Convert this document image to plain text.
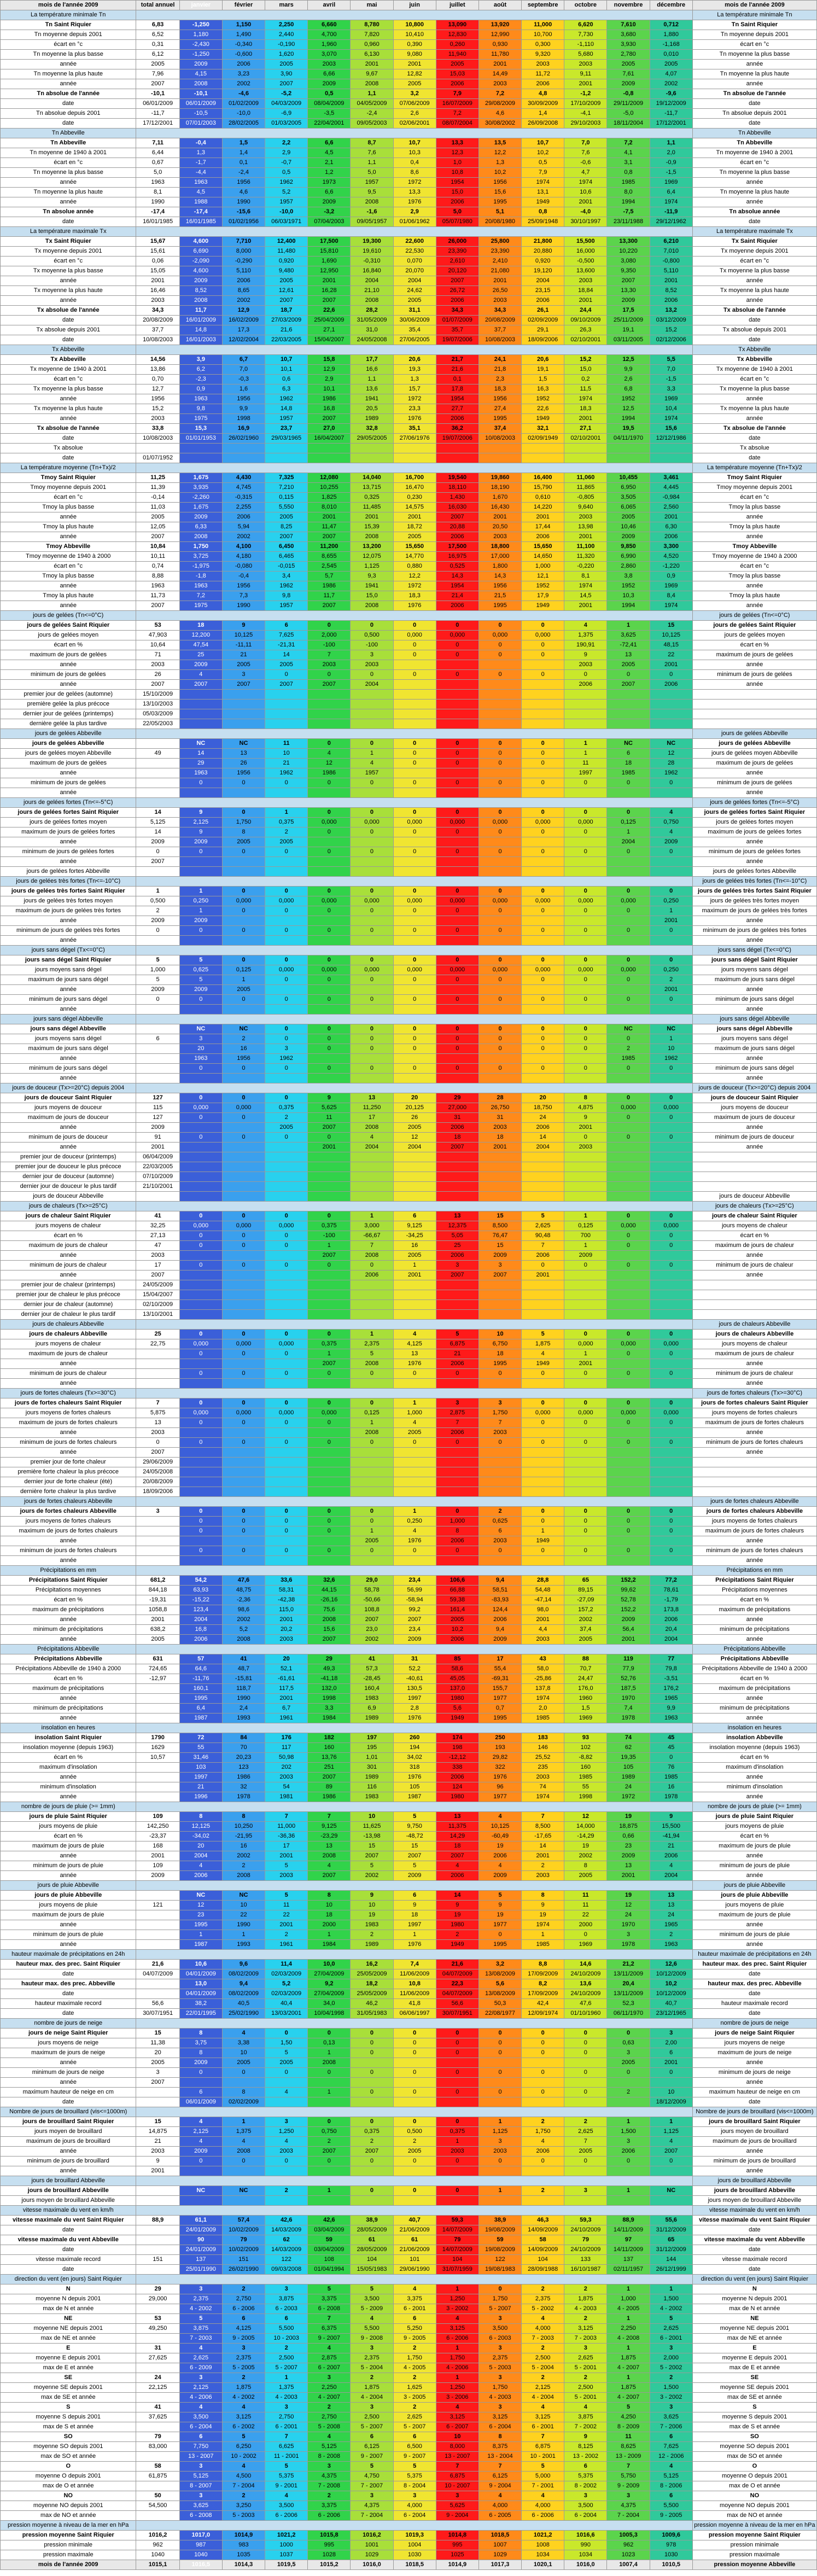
mois de l'année 2009	total annuel	janvier	février	mars	avril	mai	juin	juillet	août	septembre	octobre	novembre	décembre	mois de l'année 2009
La température minimale Tn														La température minimale Tn
Tn Saint Riquier	6,83	-1,250	1,150	2,250	6,660	8,780	10,800	13,090	13,920	11,000	6,620	7,610	0,712	Tn Saint Riquier
Tn moyenne depuis 2001	6,52	1,180	1,490	2,440	4,700	7,820	10,410	12,830	12,990	10,700	7,730	3,680	1,880	Tn moyenne depuis 2001
écart en °c	0,31	-2,430	-0,340	-0,190	1,960	0,960	0,390	0,260	0,930	0,300	-1,110	3,930	-1,168	écart en °c
Tn moyenne la plus basse	6,12	-1,250	-0,600	1,620	3,070	6,130	9,080	11,940	11,780	9,320	5,680	2,780	0,010	Tn moyenne la plus basse
année	2005	2009	2006	2005	2003	2001	2001	2005	2001	2003	2003	2005	2005	année
Tn moyenne la plus haute	7,96	4,15	3,23	3,90	6,66	9,67	12,82	15,03	14,49	11,72	9,11	7,61	4,07	Tn moyenne la plus haute
année	2007	2008	2002	2007	2009	2008	2005	2006	2003	2006	2001	2009	2002	année
Tn absolue de l'année	-10,1	-10,1	-4,6	-5,2	0,5	1,1	3,2	7,9	7,2	4,8	-1,2	-0,8	-9,6	Tn absolue de l'année
date	06/01/2009	06/01/2009	01/02/2009	04/03/2009	08/04/2009	04/05/2009	07/06/2009	16/07/2009	29/08/2009	30/09/2009	17/10/2009	29/11/2009	19/12/2009	date
Tn absolue depuis 2001	-11,7	-10,5	-10,0	-6,9	-3,5	-2,4	2,6	7,2	4,6	1,4	-4,1	-5,0	-11,7	Tn absolue depuis 2001
date	17/12/2001	07/01/2003	28/02/2005	01/03/2005	22/04/2001	09/05/2003	02/06/2001	08/07/2004	30/08/2002	26/09/2008	29/10/2003	18/11/2004	17/12/2001	date
Tn Abbeville														Tn Abbeville
Tn Abbeville	7,11	-0,4	1,5	2,2	6,6	8,7	10,7	13,3	13,5	10,7	7,0	7,2	1,1	Tn Abbeville
Tn moyenne de 1940 à 2001	6,44	1,3	1,4	2,9	4,5	7,6	10,3	12,3	12,2	10,2	7,6	4,1	2,0	Tn moyenne de 1940 à 2001
écart en °c	0,67	-1,7	0,1	-0,7	2,1	1,1	0,4	1,0	1,3	0,5	-0,6	3,1	-0,9	écart en °c
Tn moyenne la plus basse	5,0	-4,4	-2,4	0,5	1,2	5,0	8,6	10,8	10,2	7,9	4,7	0,8	-1,5	Tn moyenne la plus basse
année	1963	1963	1956	1962	1973	1957	1972	1954	1956	1974	1974	1985	1969	année
Tn moyenne la plus haute	8,1	4,5	4,6	5,2	6,6	9,5	13,3	15,0	15,6	13,1	10,6	8,0	6,4	Tn moyenne la plus haute
année	1990	1988	1990	1957	2009	2008	1976	2006	1995	1949	2001	1994	1974	année
Tn absolue année	-17,4	-17,4	-15,6	-10,0	-3,2	-1,6	2,9	5,0	5,1	0,8	-4,0	-7,5	-11,9	Tn absolue année
date	16/01/1985	16/01/1985	01/02/1956	06/03/1971	07/04/2003	09/05/1957	01/06/1962	05/07/1980	20/08/1980	25/09/1948	30/10/1997	23/11/1988	29/12/1962	date
La température maximale Tx														La température maximale Tx
Tx Saint Riquier	15,67	4,600	7,710	12,400	17,500	19,300	22,600	26,000	25,800	21,800	15,500	13,300	6,210	Tx Saint Riquier
Tx moyenne depuis 2001	15,61	6,690	8,000	11,480	15,810	19,610	22,530	23,390	23,390	20,880	16,000	10,220	7,010	Tx moyenne depuis 2001
écart en °c	0,06	-2,090	-0,290	0,920	1,690	-0,310	0,070	2,610	2,410	0,920	-0,500	3,080	-0,800	écart en °c
Tx moyenne la plus basse	15,05	4,600	5,110	9,480	12,950	16,840	20,070	20,120	21,080	19,120	13,600	9,350	5,110	Tx moyenne la plus basse
année	2001	2009	2006	2005	2001	2004	2004	2007	2001	2004	2003	2007	2001	année
Tx moyenne la plus haute	16,46	8,52	8,65	12,61	16,28	21,10	24,62	26,72	26,50	23,15	18,84	13,30	8,52	Tx moyenne la plus haute
année	2003	2008	2002	2007	2007	2008	2005	2006	2003	2006	2001	2009	2006	année
Tx absolue de l'année	34,3	11,7	12,9	18,7	22,6	28,2	31,1	34,3	34,3	26,1	24,4	17,5	13,2	Tx absolue de l'année
date	20/08/2009	16/01/2009	16/02/2009	27/03/2009	25/04/2009	31/05/2009	30/06/2009	01/07/2009	20/08/2009	02/09/2009	09/10/2009	25/11/2009	03/12/2009	date
Tx absolue depuis 2001	37,7	14,8	17,3	21,6	27,1	31,0	35,4	35,7	37,7	29,1	26,3	19,1	15,2	Tx absolue depuis 2001
date	10/08/2003	16/01/2003	12/02/2004	22/03/2005	15/04/2007	24/05/2008	27/06/2005	19/07/2006	10/08/2003	18/09/2006	02/10/2001	03/11/2005	02/12/2006	date
Tx Abbeville														Tx Abbeville
Tx Abbeville	14,56	3,9	6,7	10,7	15,8	17,7	20,6	21,7	24,1	20,6	15,2	12,5	5,5	Tx Abbeville
Tx moyenne de 1940 à 2001	13,86	6,2	7,0	10,1	12,9	16,6	19,3	21,6	21,8	19,1	15,0	9,9	7,0	Tx moyenne de 1940 à 2001
écart en °c	0,70	-2,3	-0,3	0,6	2,9	1,1	1,3	0,1	2,3	1,5	0,2	2,6	-1,5	écart en °c
Tx moyenne la plus basse	12,7	0,9	1,6	6,3	10,1	13,6	15,7	17,8	18,3	16,3	11,5	6,8	3,3	Tx moyenne la plus basse
année	1956	1963	1956	1962	1986	1941	1972	1954	1956	1952	1974	1952	1969	année
Tx moyenne la plus haute	15,2	9,8	9,9	14,8	16,8	20,5	23,3	27,7	27,4	22,6	18,3	12,5	10,4	Tx moyenne la plus haute
année	2003	1975	1998	1957	2007	1989	1976	2006	1995	1949	2001	1994	1974	année
Tx absolue de l'année	33,8	15,3	16,9	23,7	27,0	32,8	35,1	36,2	37,4	32,1	27,1	19,5	15,6	Tx absolue de l'année
date	10/08/2003	01/01/1953	26/02/1960	29/03/1965	16/04/2007	29/05/2005	27/06/1976	19/07/2006	10/08/2003	02/09/1949	02/10/2001	04/11/1970	12/12/1986	date
Tx absolue														Tx absolue
date	01/07/1952													date
La température moyenne (Tn+Tx)/2														La température moyenne (Tn+Tx)/2
Tmoy Saint Riquier	11,25	1,675	4,430	7,325	12,080	14,040	16,700	19,540	19,860	16,400	11,060	10,455	3,461	Tmoy Saint Riquier
Tmoy moyenne depuis 2001	11,39	3,935	4,745	7,210	10,255	13,715	16,470	18,110	18,190	15,790	11,865	6,950	4,445	Tmoy moyenne depuis 2001
écart en °c	-0,14	-2,260	-0,315	0,115	1,825	0,325	0,230	1,430	1,670	0,610	-0,805	3,505	-0,984	écart en °c
Tmoy la plus basse	11,03	1,675	2,255	5,550	8,010	11,485	14,575	16,030	16,430	14,220	9,640	6,065	2,560	Tmoy la plus basse
année	2005	2009	2006	2005	2001	2001	2001	2007	2001	2001	2003	2005	2001	année
Tmoy la plus haute	12,05	6,33	5,94	8,25	11,47	15,39	18,72	20,88	20,50	17,44	13,98	10,46	6,30	Tmoy la plus haute
année	2007	2008	2002	2007	2007	2008	2005	2006	2003	2006	2001	2009	2006	année
Tmoy Abbeville	10,84	1,750	4,100	6,450	11,200	13,200	15,650	17,500	18,800	15,650	11,100	9,850	3,300	Tmoy Abbeville
Tmoy moyenne de 1940 à 2000	10,11	3,725	4,180	6,465	8,655	12,075	14,770	16,975	17,000	14,650	11,320	6,990	4,520	Tmoy moyenne de 1940 à 2000
écart en °c	0,74	-1,975	-0,080	-0,015	2,545	1,125	0,880	0,525	1,800	1,000	-0,220	2,860	-1,220	écart en °c
Tmoy la plus basse	8,88	-1,8	-0,4	3,4	5,7	9,3	12,2	14,3	14,3	12,1	8,1	3,8	0,9	Tmoy la plus basse
année	1963	1963	1956	1962	1986	1941	1972	1954	1956	1952	1974	1952	1969	année
Tmoy la plus haute	11,73	7,2	7,3	9,8	11,7	15,0	18,3	21,4	21,5	17,9	14,5	10,3	8,4	Tmoy la plus haute
année	2007	1975	1990	1957	2007	2008	1976	2006	1995	1949	2001	1994	1974	année
jours de gelées (Tn<=0°C)														jours de gelées (Tn<=0°C)
jours de gelées Saint Riquier	53	18	9	6	0	0	0	0	0	0	4	1	15	jours de gelées Saint Riquier
jours de gelées moyen	47,903	12,200	10,125	7,625	2,000	0,500	0,000	0,000	0,000	0,000	1,375	3,625	10,125	jours de gelées moyen
écart en %	10,64	47,54	-11,11	-21,31	-100	-100	0	0	0	0	190,91	-72,41	48,15	écart en %
maximum de jours de gelées	71	25	21	14	7	3	0	0	0	0	9	13	22	maximum de jours de gelées
année	2003	2009	2005	2005	2003	2003					2003	2005	2001	année
minimum de jours de gelées	26	4	3	0	0	0	0	0	0	0	0	0	0	minimum de jours de gelées
année	2007	2007	2007	2007	2007	2004					2006	2007	2006	année
premier jour de gelées (automne)	15/10/2009													
première gelée la plus précoce	13/10/2003													
dernier jour de gelées (printemps)	05/03/2009													
dernière gelée la plus tardive	22/05/2003													
jours de gelées Abbeville														jours de gelées Abbeville
jours de gelées Abbeville		NC	NC	11	0	0	0	0	0	0	1	NC	NC	jours de gelées Abbeville
jours de gelées moyen Abbeville	49	14	13	10	4	1	0	0	0	0	1	6	12	jours de gelées moyen Abbeville
maximum de jours de gelées		29	26	21	12	4	0	0	0	0	11	18	28	maximum de jours de gelées
année		1963	1956	1962	1986	1957					1997	1985	1962	année
minimum de jours de gelées		0	0	0	0	0	0	0	0	0	0	0	0	minimum de jours de gelées
année														année
jours de gelées fortes (Tn<=-5°C)														jours de gelées fortes (Tn<=-5°C)
jours de gelées fortes Saint Riquier	14	9	0	1	0	0	0	0	0	0	0	0	4	jours de gelées fortes Saint Riquier
jours de gelées fortes moyen	5,125	2,125	1,750	0,375	0,000	0,000	0,000	0,000	0,000	0,000	0,000	0,125	0,750	jours de gelées fortes moyen
maximum de jours de gelées fortes	14	9	8	2	0	0	0	0	0	0	0	1	4	maximum de jours de gelées fortes
année	2009	2009	2005	2005								2004	2009	année
minimum de jours de gelées fortes	0	0	0	0	0	0	0	0	0	0	0	0	0	minimum de jours de gelées fortes
année	2007													année
jours de gelées fortes Abbeville														jours de gelées fortes Abbeville
jours de gelées très fortes (Tn<=-10°C)														jours de gelées très fortes (Tn<=-10°C)
jours de gelées très fortes Saint Riquier	1	1	0	0	0	0	0	0	0	0	0	0	0	jours de gelées très fortes Saint Riquier
jours de gelées très fortes moyen	0,500	0,250	0,000	0,000	0,000	0,000	0,000	0,000	0,000	0,000	0,000	0,000	0,250	jours de gelées très fortes moyen
maximum de jours de gelées très fortes	2	1	0	0	0	0	0	0	0	0	0	0	1	maximum de jours de gelées très fortes
année	2009	2009											2001	année
minimum de jours de gelées très fortes	0	0	0	0	0	0	0	0	0	0	0	0	0	minimum de jours de gelées très fortes
année														année
jours sans dégel (Tx<=0°C)														jours sans dégel (Tx<=0°C)
jours sans dégel Saint Riquier	5	5	0	0	0	0	0	0	0	0	0	0	0	jours sans dégel Saint Riquier
jours moyens sans dégel	1,000	0,625	0,125	0,000	0,000	0,000	0,000	0,000	0,000	0,000	0,000	0,000	0,250	jours moyens sans dégel
maximum de jours sans dégel	5	5	1	0	0	0	0	0	0	0	0	0	2	maximum de jours sans dégel
année	2009	2009	2005										2001	année
minimum de jours sans dégel	0	0	0	0	0	0	0	0	0	0	0	0	0	minimum de jours sans dégel
année														année
jours sans dégel Abbeville														jours sans dégel Abbeville
jours sans dégel Abbeville		NC	NC	0	0	0	0	0	0	0	0	NC	NC	jours sans dégel Abbeville
jours moyens sans dégel	6	3	2	0	0	0	0	0	0	0	0	0	1	jours moyens sans dégel
maximum de jours sans dégel		20	16	3	0	0	0	0	0	0	0	2	10	maximum de jours sans dégel
année		1963	1956	1962								1985	1962	année
minimum de jours sans dégel		0	0	0	0	0	0	0	0	0	0	0	0	minimum de jours sans dégel
année														année
jours de douceur (Tx>=20°C) depuis 2004														jours de douceur (Tx>=20°C) depuis 2004
jours de douceur Saint Riquier	127	0	0	0	9	13	20	29	28	20	8	0	0	jours de douceur Saint Riquier
jours moyens de douceur	115	0,000	0,000	0,375	5,625	11,250	20,125	27,000	26,750	18,750	4,875	0,000	0,000	jours moyens de douceur
maximum de jours de douceur	127	0	0	2	11	17	26	31	31	24	9	0	0	maximum de jours de douceur
année	2009			2005	2007	2008	2005	2006	2003	2006	2001			année
minimum de jours de douceur	91	0	0	0	0	4	12	18	18	14	0	0	0	minimum de jours de douceur
année	2001				2001	2004	2004	2007	2001	2004	2003			année
premier jour de douceur (printemps)	06/04/2009													
premier jour de douceur le plus précoce	22/03/2005													
dernier jour de douceur (automne)	07/10/2009													
dernier jour de douceur le plus tardif	21/10/2001													
jours de douceur Abbeville														jours de douceur Abbeville
jours de chaleurs (Tx>=25°C)														jours de chaleurs (Tx>=25°C)
jours de chaleur Saint Riquier	41	0	0	0	0	1	6	13	15	5	1	0	0	jours de chaleur Saint Riquier
jours moyens de chaleur	32,25	0,000	0,000	0,000	0,375	3,000	9,125	12,375	8,500	2,625	0,125	0,000	0,000	jours moyens de chaleur
écart en %	27,13	0	0	0	-100	-66,67	-34,25	5,05	76,47	90,48	700	0	0	écart en %
maximum de jours de chaleur	47	0	0	0	1	7	16	25	15	7	1	0	0	maximum de jours de chaleur
année	2003				2007	2008	2005	2006	2009	2006	2009			année
minimum de jours de chaleur	17	0	0	0	0	0	1	3	3	0	0	0	0	minimum de jours de chaleur
année	2007					2006	2001	2007	2007	2001				année
premier jour de chaleur (printemps)	24/05/2009													
premier jour de chaleur le plus précoce	15/04/2007													
dernier jour de chaleur (automne)	02/10/2009													
dernier jour de chaleur le plus tardif	13/10/2001													
jours de chaleurs Abbeville														jours de chaleurs Abbeville
jours de chaleurs Abbeville	25	0	0	0	0	1	4	5	10	5	0	0	0	jours de chaleurs Abbeville
jours moyens de chaleur	22,75	0,000	0,000	0,000	0,375	2,375	4,125	6,875	6,750	1,875	0,000	0,000	0,000	jours moyens de chaleur
maximum de jours de chaleur		0	0	0	1	5	13	21	18	4	1	0	0	maximum de jours de chaleur
année					2007	2008	1976	2006	1995	1949	2001			année
minimum de jours de chaleur		0	0	0	0	0	0	0	0	0	0	0	0	minimum de jours de chaleur
année														année
jours de fortes chaleurs (Tx>=30°C)														jours de fortes chaleurs (Tx>=30°C)
jours de fortes chaleurs Saint Riquier	7	0	0	0	0	0	1	3	3	0	0	0	0	jours de fortes chaleurs Saint Riquier
jours moyens de fortes chaleurs	5,875	0,000	0,000	0,000	0,000	0,125	1,000	2,875	1,750	0,000	0,000	0,000	0,000	jours moyens de fortes chaleurs
maximum de jours de fortes chaleurs	13	0	0	0	0	1	4	7	7	0	0	0	0	maximum de jours de fortes chaleurs
année	2003					2008	2005	2006	2003					année
minimum de jours de fortes chaleurs	0	0	0	0	0	0	0	0	0	0	0	0	0	minimum de jours de fortes chaleurs
année	2007													année
premier jour de forte chaleur	29/06/2009													
première forte chaleur la plus précoce	24/05/2008													
dernier jour de forte chaleur (été)	20/08/2009													
dernière forte chaleur la plus tardive	18/09/2006													
jours de fortes chaleurs Abbeville														jours de fortes chaleurs Abbeville
jours de fortes chaleurs Abbeville	3	0	0	0	0	0	1	0	2	0	0	0	0	jours de fortes chaleurs Abbeville
jours moyens de fortes chaleurs		0	0	0	0	0	0,250	1,000	0,625	0	0	0	0	jours moyens de fortes chaleurs
maximum de jours de fortes chaleurs		0	0	0	0	1	4	8	6	1	0	0	0	maximum de jours de fortes chaleurs
année						2005	1976	2006	2003	1949				année
minimum de jours de fortes chaleurs		0	0	0	0	0	0	0	0	0	0	0	0	minimum de jours de fortes chaleurs
année														année
Précipitations en mm														Précipitations en mm
Précipitations Saint Riquier	681,2	54,2	47,6	33,6	32,6	29,0	23,4	106,6	9,4	28,8	65	152,2	77,2	Précipitations Saint Riquier
Précipitations moyennes	844,18	63,93	48,75	58,31	44,15	58,78	56,99	66,88	58,51	54,48	89,15	99,62	78,61	Précipitations moyennes
écart en %	-19,31	-15,22	-2,36	-42,38	-26,16	-50,66	-58,94	59,38	-83,93	-47,14	-27,09	52,78	-1,79	écart en %
maximum de précipitations	1058,8	123,4	98,6	115,0	75,6	108,8	99,2	161,4	124,4	98,0	157,2	152,2	173,8	maximum de précipitations
année	2001	2004	2002	2001	2008	2007	2007	2005	2006	2001	2002	2009	2006	année
minimum de précipitations	638,2	16,8	5,2	20,2	15,6	23,0	23,4	10,2	9,4	4,4	37,4	56,4	20,4	minimum de précipitations
année	2005	2006	2008	2003	2007	2002	2009	2006	2009	2003	2005	2001	2004	année
Précipitations Abbeville														Précipitations Abbeville
Précipitations Abbeville	631	57	41	20	29	41	31	85	17	43	88	119	77	Précipitations Abbeville
Précipitations Abbeville de 1940 à 2000	724,65	64,6	48,7	52,1	49,3	57,3	52,2	58,6	55,4	58,0	70,7	77,9	79,8	Précipitations Abbeville de 1940 à 2000
écart en %	-12,97	-11,76	-15,81	-61,61	-41,18	-28,45	-40,61	45,05	-69,31	-25,86	24,47	52,76	-3,51	écart en %
maximum de précipitations		160,1	118,7	117,5	132,0	160,4	130,5	137,0	155,7	137,8	176,0	187,5	176,2	maximum de précipitations
année		1995	1990	2001	1998	1983	1997	1980	1977	1974	1960	1970	1965	année
minimum de précipitations		6,4	2,4	6,7	3,3	6,9	2,8	5,6	0,7	2,0	1,5	7,4	9,9	minimum de précipitations
année		1987	1993	1961	1984	1989	1976	1949	1995	1985	1969	1978	1963	année
insolation en heures														insolation en heures
insolation Saint Riquier	1790	72	84	176	182	197	260	174	250	183	93	74	45	insolation Abbeville
insolation moyenne (depuis 1963)	1629	55	70	117	160	195	194	198	193	146	102	62	45	insolation moyenne (depuis 1963)
écart en %	10,57	31,46	20,23	50,98	13,76	1,01	34,02	-12,12	29,82	25,52	-8,82	19,35	0	écart en %
maximum d'insolation		103	123	202	251	301	318	338	322	235	160	105	76	maximum d'insolation
année		1997	1986	2003	2007	1989	1976	2006	1976	2003	1985	1989	1985	année
minimum d'insolation		21	32	54	89	116	105	124	96	74	55	24	16	minimum d'insolation
année		1996	1978	1981	1986	1983	1987	1980	1977	1974	1998	1972	1978	année
nombre de jours de pluie (>= 1mm)														nombre de jours de pluie (>= 1mm)
jours de pluie Saint Riquier	109	8	8	7	7	10	5	13	4	7	12	19	9	jours de pluie Saint Riquier
jours moyens de pluie	142,250	12,125	10,250	11,000	9,125	11,625	9,750	11,375	10,125	8,500	14,000	18,875	15,500	jours moyens de pluie
écart en %	-23,37	-34,02	-21,95	-36,36	-23,29	-13,98	-48,72	14,29	-60,49	-17,65	-14,29	0,66	-41,94	écart en %
maximum de jours de pluie	168	20	16	17	13	15	15	18	19	14	19	23	21	maximum de jours de pluie
année	2001	2004	2002	2001	2008	2007	2007	2007	2006	2001	2002	2009	2006	année
minimum de jours de pluie	109	4	2	5	4	5	5	4	4	2	8	13	4	minimum de jours de pluie
année	2009	2006	2008	2003	2007	2002	2009	2006	2009	2003	2005	2001	2004	année
jours de pluie Abbeville														jours de pluie Abbeville
jours de pluie Abbeville		NC	NC	5	8	9	6	14	5	8	11	19	13	jours de pluie Abbeville
jours moyens de pluie	121	12	10	11	10	10	9	9	9	9	11	12	13	jours moyens de pluie
maximum de jours de pluie		23	22	22	18	19	18	19	19	19	22	24	24	maximum de jours de pluie
année		1995	1990	2001	2000	1983	1997	1980	1977	1974	2000	1970	1965	année
minimum de jours de pluie		1	1	2	1	2	1	2	0	1	0	3	2	minimum de jours de pluie
année		1987	1993	1961	1984	1989	1976	1949	1995	1985	1969	1978	1963	année
hauteur maximale de précipitations en 24h														hauteur maximale de précipitations en 24h
hauteur max. des prec. Saint Riquier	21,6	10,6	9,6	11,4	10,0	16,2	7,4	21,6	3,2	8,8	14,6	21,2	12,6	hauteur max. des prec. Saint Riquier
date	04/07/2009	04/01/2009	08/02/2009	02/03/2009	27/04/2009	25/05/2009	11/06/2009	04/07/2009	13/08/2009	17/09/2009	24/10/2009	13/11/2009	10/12/2009	date
hauteur max. des prec. Abbeville		13,0	9,4	5,2	9,2	18,2	10,8	22,3	5,6	8,2	13,6	20,4	10,2	hauteur max. des prec. Abbeville
date		04/01/2009	08/02/2009	02/03/2009	27/04/2009	25/05/2009	11/06/2009	04/07/2009	13/08/2009	17/09/2009	24/10/2009	13/11/2009	10/12/2009	date
hauteur maximale record	56,6	38,2	40,5	40,4	34,0	46,2	41,8	56,6	50,3	42,4	47,6	52,3	40,7	hauteur maximale record
date	30/07/1951	22/01/1995	25/02/1990	13/03/2001	10/04/1998	31/05/1983	06/06/1997	30/07/1951	22/08/1977	12/09/1974	01/10/1960	06/11/1970	23/12/1965	date
nombre de jours de neige														nombre de jours de neige
jours de neige Saint Riquier	15	8	4	0	0	0	0	0	0	0	0	0	3	jours de neige Saint Riquier
jours moyens de neige	11,38	3,75	3,38	1,50	0,13	0	0	0	0	0	0	0,63	2,00	jours moyens de neige
maximum de jours de neige	20	8	10	5	1	0	0	0	0	0	0	3	6	maximum de jours de neige
année	2005	2009	2005	2005	2008							2005	2001	année
minimum de jours de neige	3	0	0	0	0	0	0	0	0	0	0	0	0	minimum de jours de neige
année	2007													année
maximum hauteur de neige en cm		6	8	4	1	0	0	0	0	0	0	2	10	maximum hauteur de neige en cm
date		06/01/2009	02/02/2009										18/12/2009	date
Nombre de jours de brouillard (vis<=1000m)														Nombre de jours de brouillard (vis<=1000m)
jours de brouillard Saint Riquier	15	4	1	3	0	0	0	0	1	2	2	1	1	jours de brouillard Saint Riquier
jours moyen de brouillard	14,875	2,125	1,375	1,250	0,750	0,375	0,500	0,375	1,125	1,750	2,625	1,500	1,125	jours moyen de brouillard
maximum de jours de brouillard	21	4	4	4	2	2	2	1	3	4	7	3	4	maximum de jours de brouillard
année	2003	2009	2008	2003	2007	2007	2005	2003	2003	2006	2005	2006	2007	année
minimum de jours de brouillard	9	0	0	0	0	0	0	0	0	0	0	0	0	minimum de jours de brouillard
année	2001													année
jours de brouillard Abbeville														jours de brouillard Abbeville
jours de brouillard Abbeville		NC	NC	2	1	0	0	0	1	2	3	1	NC	jours de brouillard Abbeville
jours moyen de brouillard Abbeville														jours moyen de brouillard Abbeville
vitesse maximale du vent en km/h														vitesse maximale du vent en km/h
vitesse maximale du vent Saint Riquier	88,9	61,1	57,4	42,6	42,6	38,9	40,7	59,3	38,9	46,3	59,3	88,9	55,6	vitesse maximale du vent Saint Riquier
date		24/01/2009	10/02/2009	14/03/2009	03/04/2009	28/05/2009	21/06/2009	14/07/2009	19/08/2009	14/09/2009	24/10/2009	14/11/2009	31/12/2009	date
vitesse maximale du vent Abbeville		90	79	62	59	61	61	79	59	58	79	97	65	vitesse maximale du vent Abbeville
date		24/01/2009	10/02/2009	14/03/2009	03/04/2009	28/05/2009	21/06/2009	14/07/2009	19/08/2009	14/09/2009	24/10/2009	14/11/2009	31/12/2009	date
vitesse maximale record	151	137	151	122	108	104	101	104	122	104	133	137	144	vitesse maximale record
date		25/01/1990	26/02/1990	09/03/2008	01/04/1994	15/05/1983	29/06/1990	31/07/1959	19/08/1983	28/09/1988	16/10/1987	02/11/1957	26/12/1999	date
direction du vent (en jours) Saint Riquier														direction du vent (en jours) Saint Riquier
N	29	3	2	3	5	5	4	1	0	2	2	1	1	N
moyenne N depuis 2001	29,000	2,375	2,750	3,875	3,375	3,500	3,375	1,250	1,750	2,375	1,875	1,000	1,500	moyenne N depuis 2001
max de N et année		4 - 2002	6 - 2006	6 - 2003	6 - 2008	5 - 2009	6 - 2001	3 - 2002	5 - 2007	5 - 2002	4 - 2003	4 - 2005	4 - 2002	max de N et année
NE	53	5	6	6	7	4	6	4	3	4	2	1	5	NE
moyenne NE depuis 2001	49,250	3,875	4,125	5,500	6,375	5,500	5,250	3,125	3,500	4,000	3,125	2,250	2,625	moyenne NE depuis 2001
max de NE et année		7 - 2003	9 - 2005	10 - 2003	9 - 2007	9 - 2008	9 - 2005	6 - 2006	6 - 2003	7 - 2003	7 - 2003	4 - 2008	6 - 2001	max de NE et année
E	31	4	3	2	4	3	2	1	3	2	3	1	3	E
moyenne E depuis 2001	27,625	2,625	2,375	2,500	2,875	2,375	1,750	1,750	2,375	2,500	2,625	1,875	2,000	moyenne E depuis 2001
max de E et année		6 - 2009	5 - 2005	5 - 2007	6 - 2007	5 - 2004	4 - 2005	4 - 2006	5 - 2003	5 - 2004	5 - 2001	4 - 2007	5 - 2002	max de E et année
SE	24	3	2	1	3	2	2	1	3	2	2	1	2	SE
moyenne SE depuis 2001	22,125	2,125	1,875	1,375	2,250	1,875	1,625	1,250	1,750	2,125	2,500	1,875	1,500	moyenne SE depuis 2001
max de SE et année		4 - 2006	4 - 2002	4 - 2003	4 - 2007	4 - 2004	3 - 2005	3 - 2006	4 - 2003	4 - 2004	5 - 2001	4 - 2007	3 - 2002	max de SE et année
S	41	4	4	3	2	3	2	4	3	4	4	5	3	S
moyenne S depuis 2001	37,625	3,500	3,125	2,750	2,750	2,500	2,625	3,125	3,125	3,125	3,875	4,250	3,625	moyenne S depuis 2001
max de S et année		6 - 2004	6 - 2002	6 - 2001	5 - 2008	5 - 2007	5 - 2007	6 - 2007	6 - 2004	6 - 2001	7 - 2002	8 - 2009	7 - 2006	max de S et année
SO	79	6	5	7	4	6	6	10	8	7	9	11	6	SO
moyenne SO depuis 2001	83,000	7,750	6,250	6,625	5,125	6,125	6,500	8,000	8,375	6,875	8,125	8,625	7,625	moyenne SO depuis 2001
max de SO et année		13 - 2007	10 - 2002	11 - 2001	8 - 2008	9 - 2007	9 - 2007	13 - 2007	13 - 2004	10 - 2001	13 - 2002	13 - 2009	12 - 2006	max de SO et année
O	58	3	4	5	3	5	5	7	7	5	6	7	4	O
moyenne O depuis 2001	61,875	5,125	4,500	5,375	4,375	4,750	5,375	6,875	6,125	5,000	5,375	5,750	5,125	moyenne O depuis 2001
max de O et année		8 - 2007	7 - 2004	9 - 2001	7 - 2008	7 - 2007	8 - 2004	10 - 2007	9 - 2004	7 - 2001	8 - 2002	9 - 2009	8 - 2006	max de O et année
NO	50	3	2	4	2	3	3	3	4	4	3	3	6	NO
moyenne NO depuis 2001	54,500	3,625	3,250	3,500	3,375	4,375	4,000	5,625	4,000	4,000	3,500	4,375	5,500	moyenne NO depuis 2001
max de NO et année		6 - 2008	5 - 2003	6 - 2006	6 - 2006	7 - 2004	6 - 2004	9 - 2004	6 - 2005	6 - 2006	6 - 2004	7 - 2004	9 - 2005	max de NO et année
pression moyenne à niveau de la mer en hPa														pression moyenne à niveau de la mer en hPa
pression moyenne Saint Riquier	1016,2	1017,0	1014,9	1021,2	1015,8	1016,2	1019,3	1014,8	1018,5	1021,2	1016,6	1005,3	1009,6	pression moyenne Saint Riquier
pression minimale	962	987	983	1000	995	1001	1004	995	1007	1008	990	962	978	pression minimale
pression maximale	1040	1040	1035	1037	1028	1029	1030	1025	1029	1034	1034	1023	1030	pression maximale
mois de l'année 2009	1015,1	1016,5	1014,3	1019,5	1015,2	1016,0	1018,5	1014,9	1017,3	1020,1	1016,0	1007,4	1010,5	pression moyenne Abbeville
